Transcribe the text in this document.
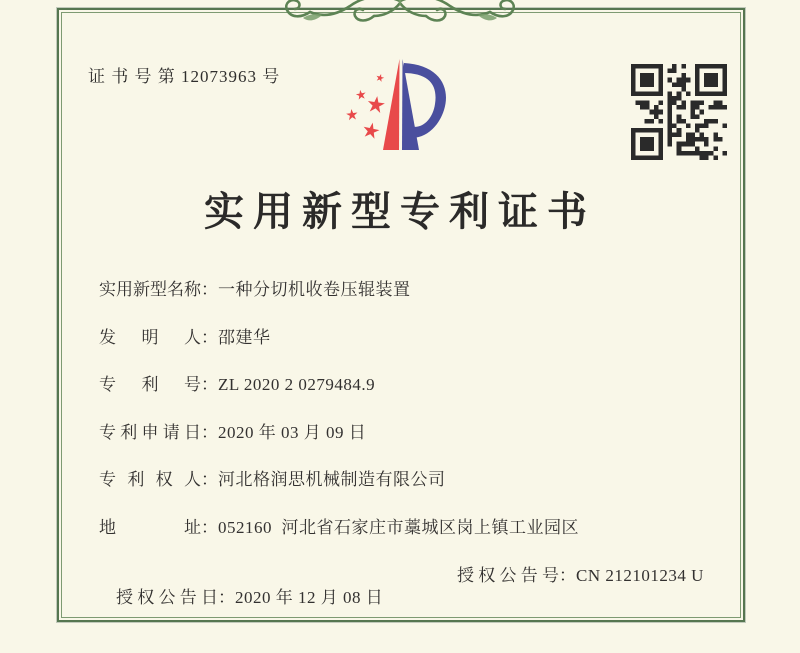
证 书 号 第 12073963 号
实用新型专利证书
实用新型名称：一种分切机收卷压辊装置
发明人：邵建华
专利号：ZL 2020 2 0279484.9
专利申请日：2020 年 03 月 09 日
专利权人：河北格润思机械制造有限公司
地址：052160  河北省石家庄市藁城区岗上镇工业园区

授权公告日：2020 年 12 月 08 日

授权公告号：CN 212101234 U
